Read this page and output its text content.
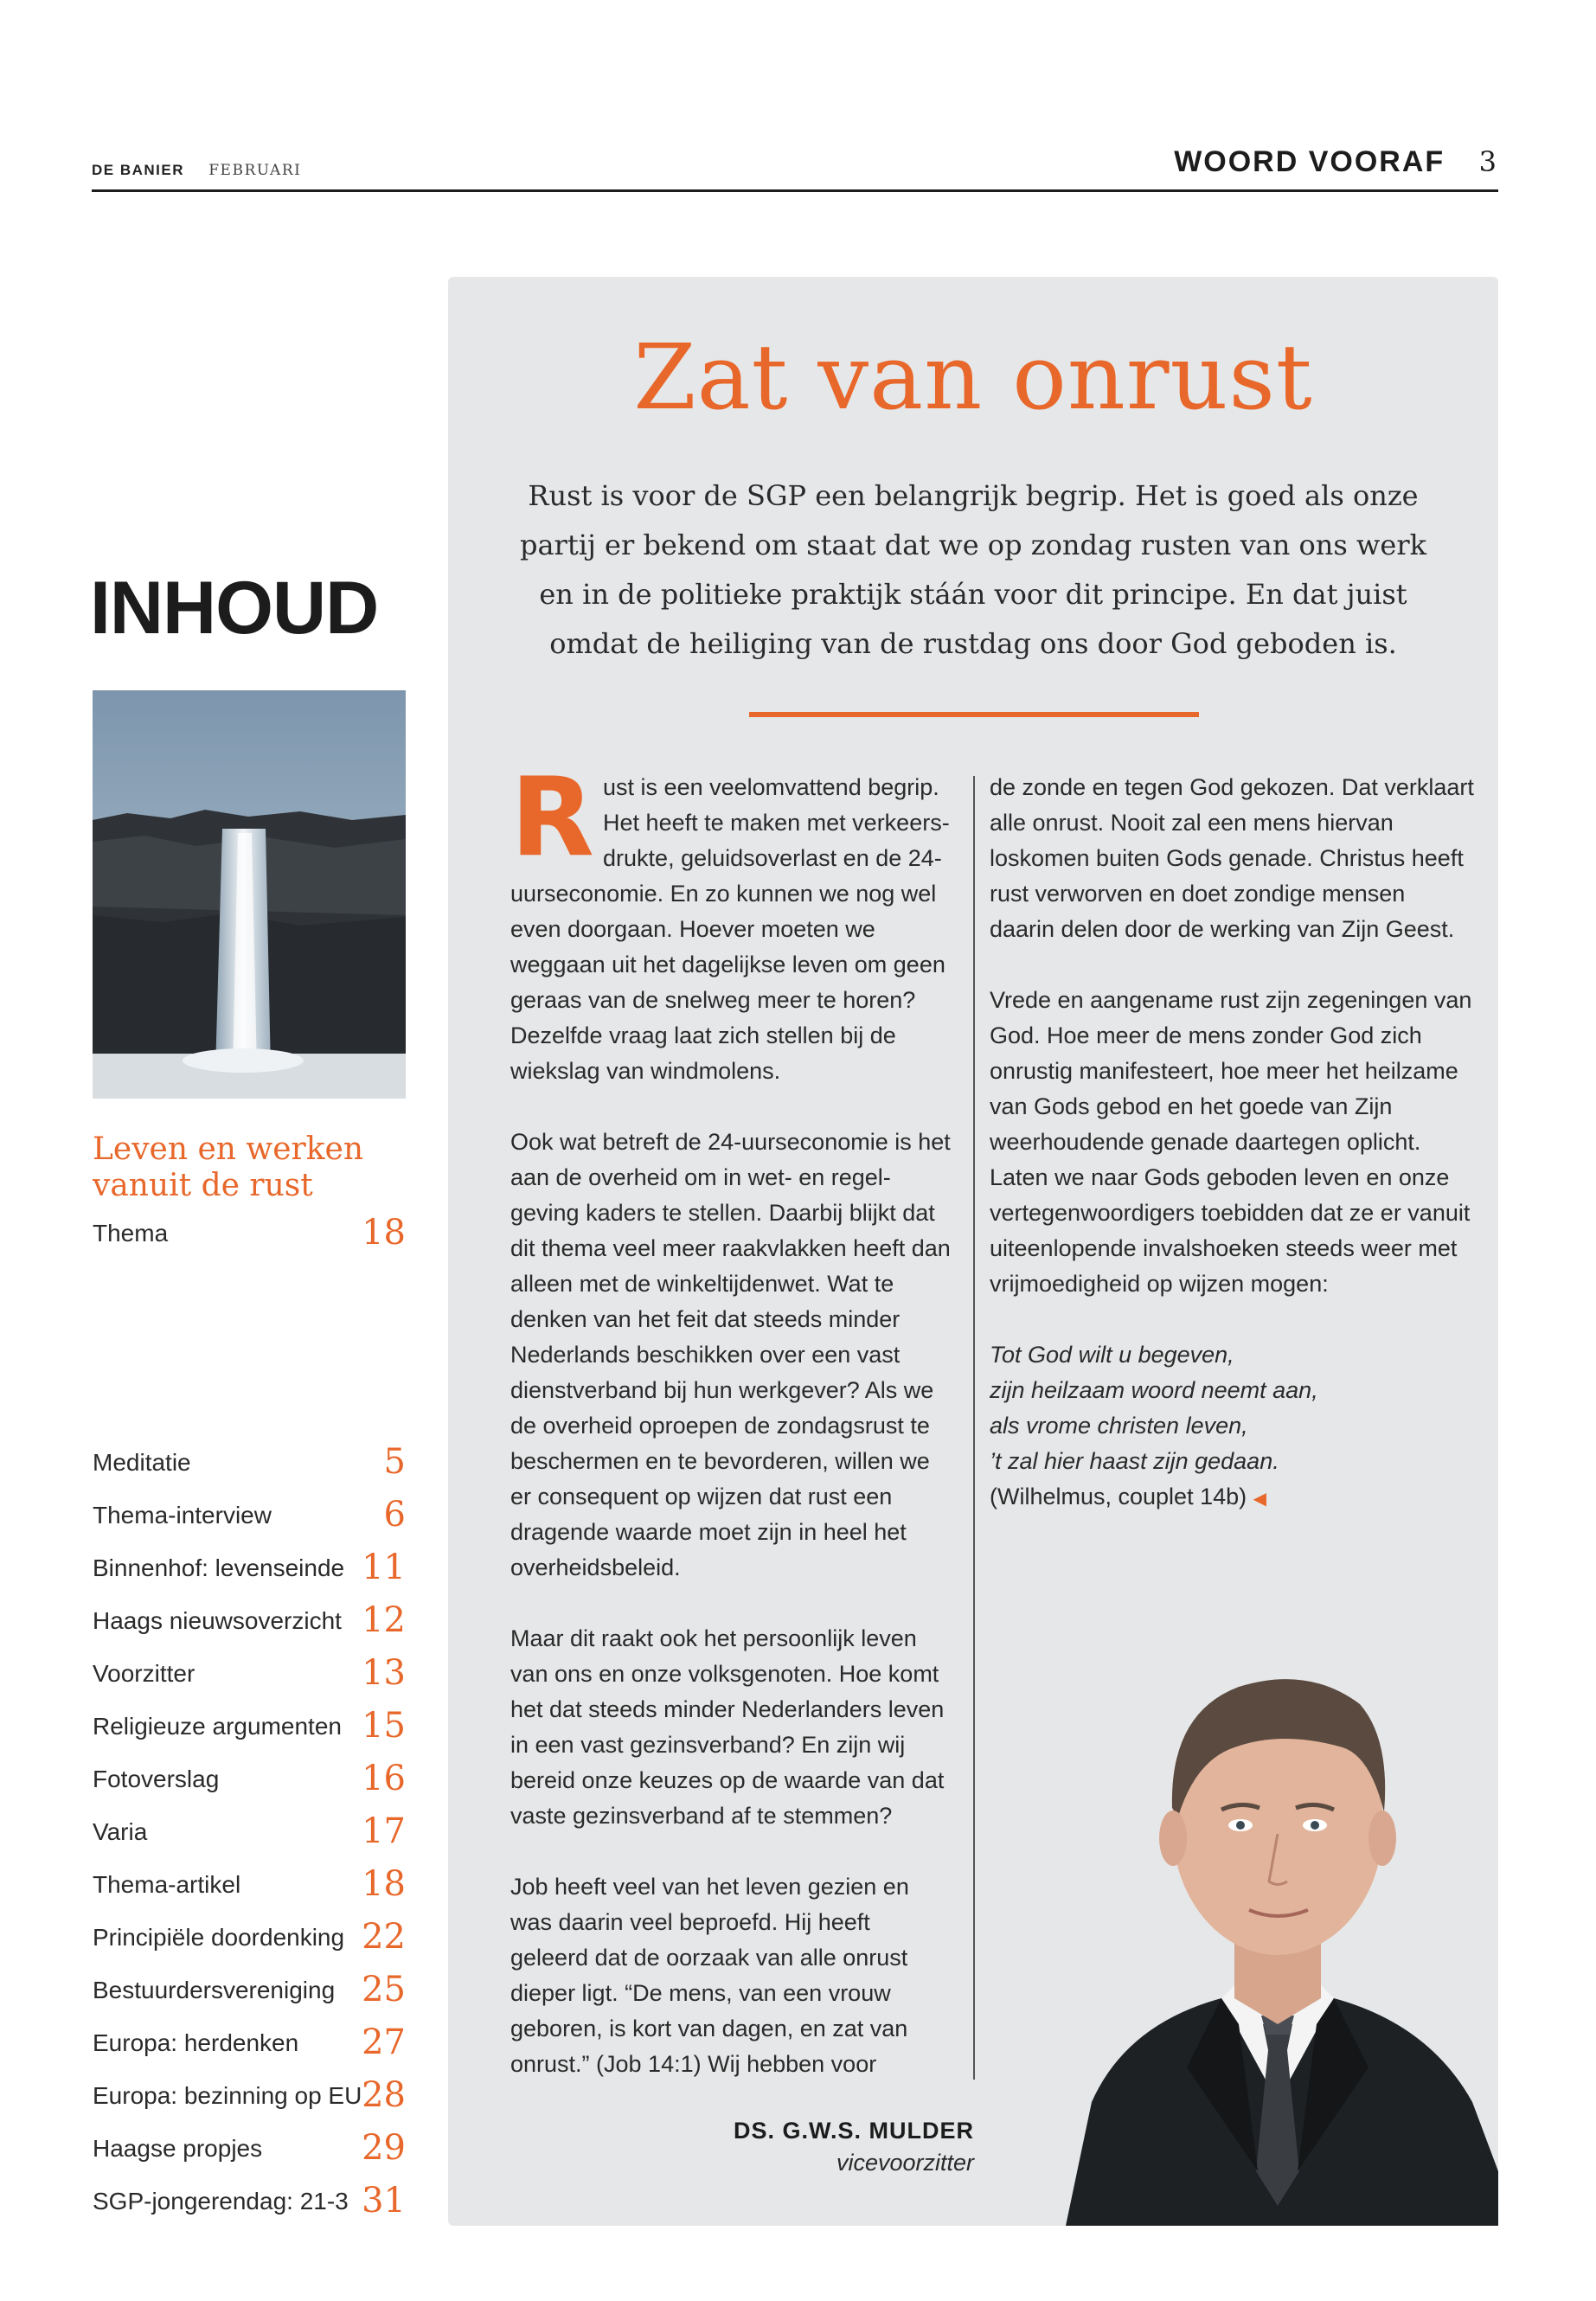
DE BANIER FEBRUARI	WOORD VOORAF 3
INHOUD
Leven en werken vanuit de rust
Thema	18
Meditatie	5
Thema-interview	6
Binnenhof: levenseinde 11
Haags nieuwsoverzicht 12
Voorzitter	13
Religieuze argumenten 15
Fotoverslag	16
Varia	17
Thema-artikel	18
Principiële doordenking 22
Bestuurdersvereniging 25
Europa: herdenken 27
Europa: bezinning op EU 28
Haagse propjes	29
SGP-jongerendag: 21-3 31
Zat van onrust
Rust is voor de SGP een belangrijk begrip. Het is goed als onze partij er bekend om staat dat we op zondag rusten van ons werk en in de politieke praktijk stáán voor dit principe. En dat juist omdat de heiliging van de rustdag ons door God geboden is.

Rust is een veelomvattend begrip. Het heeft te maken met verkeersdrukte, geluidsoverlast en de 24-uurseconomie. En zo kunnen we nog wel even doorgaan. Hoever moeten we weggaan uit het dagelijkse leven om geen geraas van de snelweg meer te horen? Dezelfde vraag laat zich stellen bij de wiekslag van windmolens.

Ook wat betreft de 24-uurseconomie is het aan de overheid om in wet- en regelgeving kaders te stellen. Daarbij blijkt dat dit thema veel meer raakvlakken heeft dan alleen met de winkeltijdenwet. Wat te denken van het feit dat steeds minder Nederlands beschikken over een vast dienstverband bij hun werkgever? Als we de overheid oproepen de zondagsrust te beschermen en te bevorderen, willen we er consequent op wijzen dat rust een dragende waarde moet zijn in heel het overheidsbeleid.

Maar dit raakt ook het persoonlijk leven van ons en onze volksgenoten. Hoe komt het dat steeds minder Nederlanders leven in een vast gezinsverband? En zijn wij bereid onze keuzes op de waarde van dat vaste gezinsverband af te stemmen?

Job heeft veel van het leven gezien en was daarin veel beproefd. Hij heeft geleerd dat de oorzaak van alle onrust dieper ligt. “De mens, van een vrouw geboren, is kort van dagen, en zat van onrust.” (Job 14:1) Wij hebben voor

de zonde en tegen God gekozen. Dat verklaart alle onrust. Nooit zal een mens hiervan loskomen buiten Gods genade. Christus heeft rust verworven en doet zondige mensen daarin delen door de werking van Zijn Geest.

Vrede en aangename rust zijn zegeningen van God. Hoe meer de mens zonder God zich onrustig manifesteert, hoe meer het heilzame van Gods gebod en het goede van Zijn weerhoudende genade daartegen oplicht. Laten we naar Gods geboden leven en onze vertegenwoordigers toebidden dat ze er vanuit uiteenlopende invalshoeken steeds weer met vrijmoedigheid op wijzen mogen:

Tot God wilt u begeven,
zijn heilzaam woord neemt aan,
als vrome christen leven,
’t zal hier haast zijn gedaan.
(Wilhelmus, couplet 14b) ◀
DS. G.W.S. MULDER
vicevoorzitter
